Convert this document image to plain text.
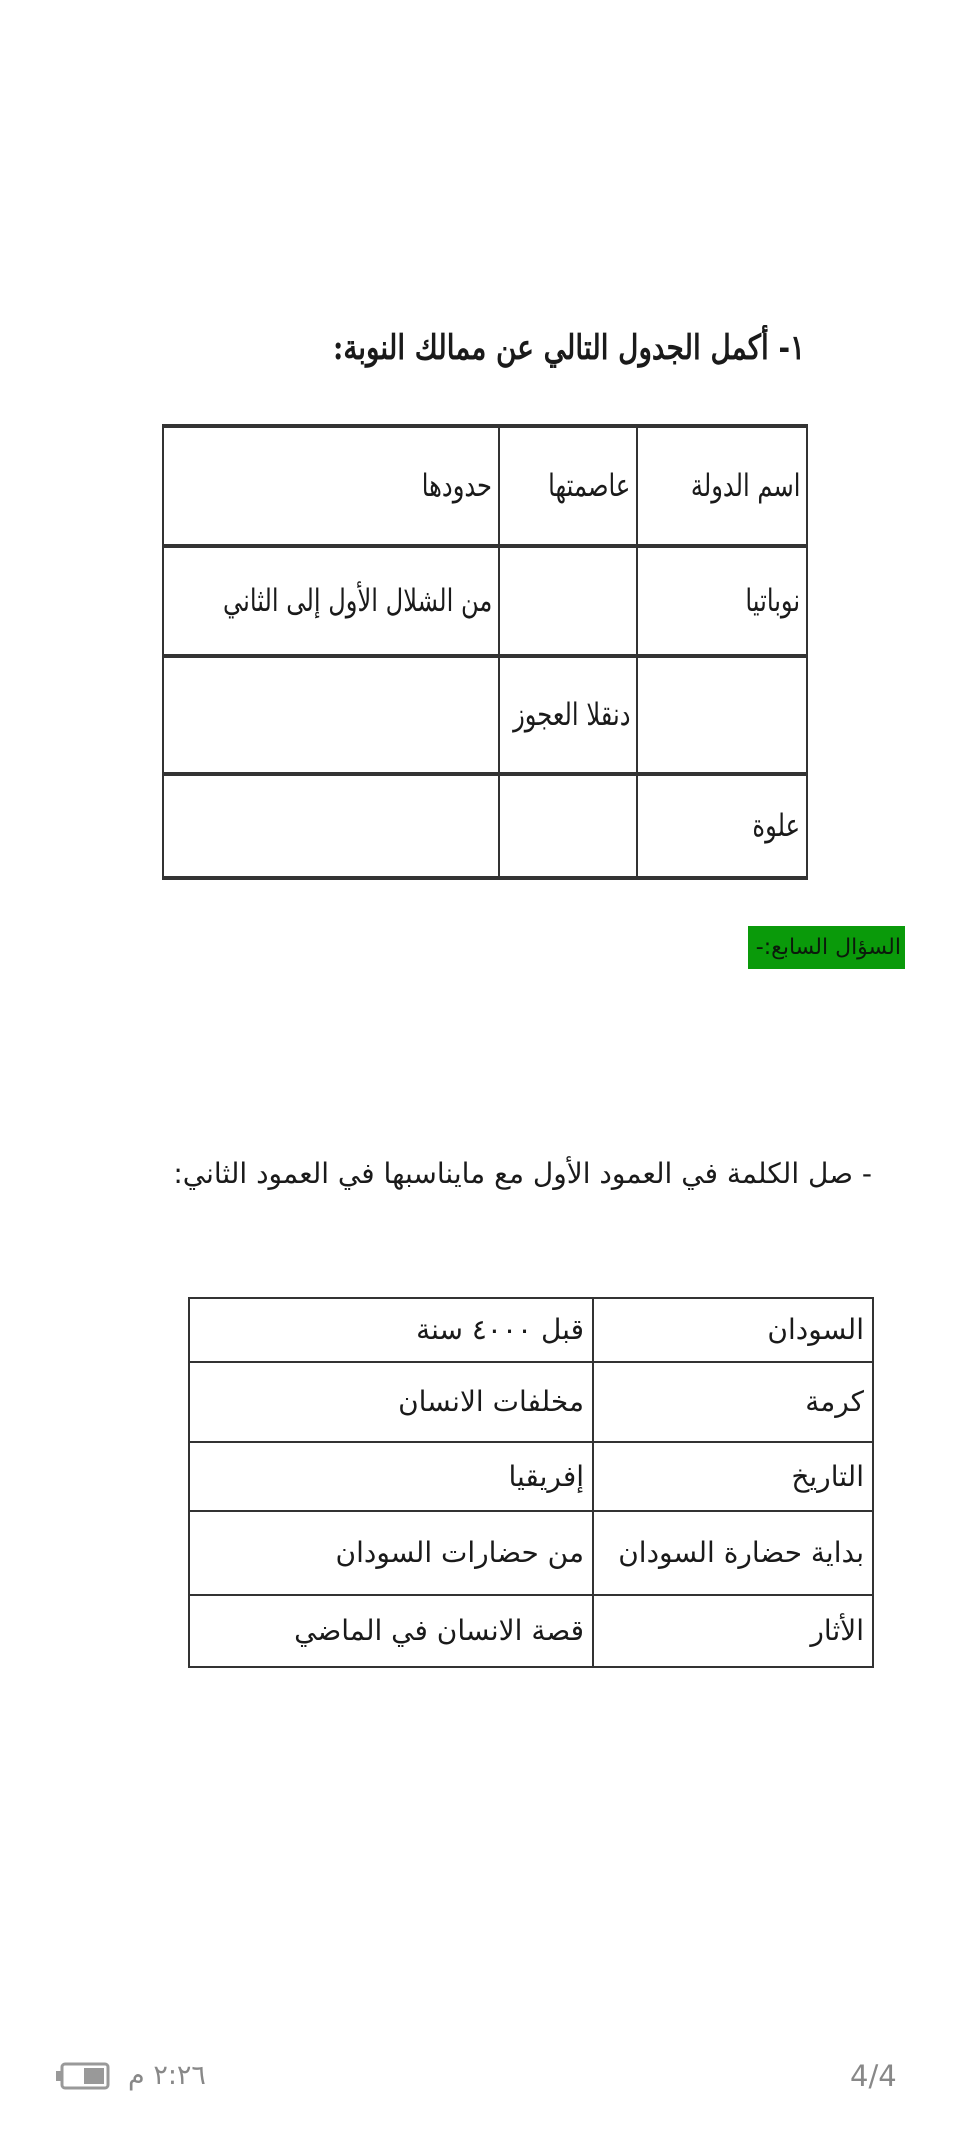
١- أكمل الجدول التالي عن ممالك النوبة:
اسم الدولة	عاصمتها	حدودها
نوباتيا		من الشلال الأول إلى الثاني
	دنقلا العجوز	
علوة		
السؤال السابع:-
- صل الكلمة في العمود الأول مع مايناسبها في العمود الثاني:
السودان	قبل ٤٠٠٠ سنة
كرمة	مخلفات الانسان
التاريخ	إفريقيا
بداية حضارة السودان	من حضارات السودان
الأثار	قصة الانسان في الماضي
٢:٢٦ م	4/4
